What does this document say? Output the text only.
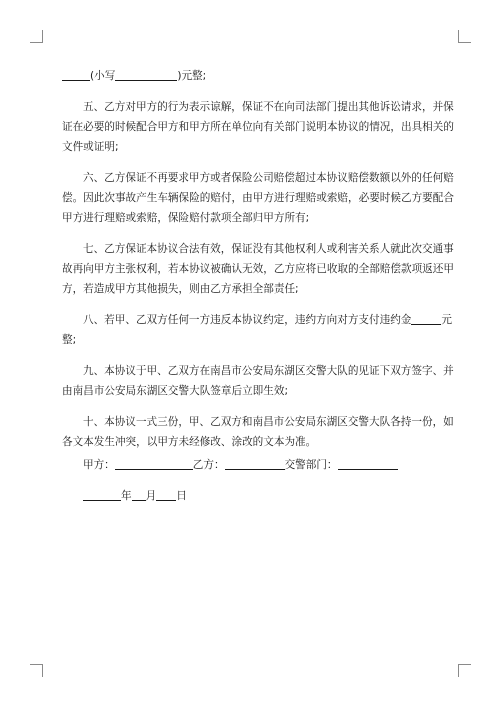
(小写	)元整;
五、乙方对甲方的行为表示谅解，保证不在向司法部门提出其他诉讼请求，并保
证在必要的时候配合甲方和甲方所在单位向有关部门说明本协议的情况，出具相关的
文件或证明;
六、乙方保证不再要求甲方或者保险公司赔偿超过本协议赔偿数额以外的任何赔
偿。因此次事故产生车辆保险的赔付，由甲方进行理赔或索赔，必要时候乙方要配合
甲方进行理赔或索赔，保险赔付款项全部归甲方所有;
七、乙方保证本协议合法有效，保证没有其他权利人或利害关系人就此次交通事
故再向甲方主张权利，若本协议被确认无效，乙方应将已收取的全部赔偿款项返还甲
方，若造成甲方其他损失，则由乙方承担全部责任;
八、若甲、乙双方任何一方违反本协议约定，违约方向对方支付违约金	元
整;
九、本协议于甲、乙双方在南昌市公安局东湖区交警大队的见证下双方签字、并
由南昌市公安局东湖区交警大队签章后立即生效;
十、本协议一式三份，甲、乙双方和南昌市公安局东湖区交警大队各持一份，如
各文本发生冲突，以甲方未经修改、涂改的文本为准。
甲方：	乙方：	交警部门：
年 月 日
